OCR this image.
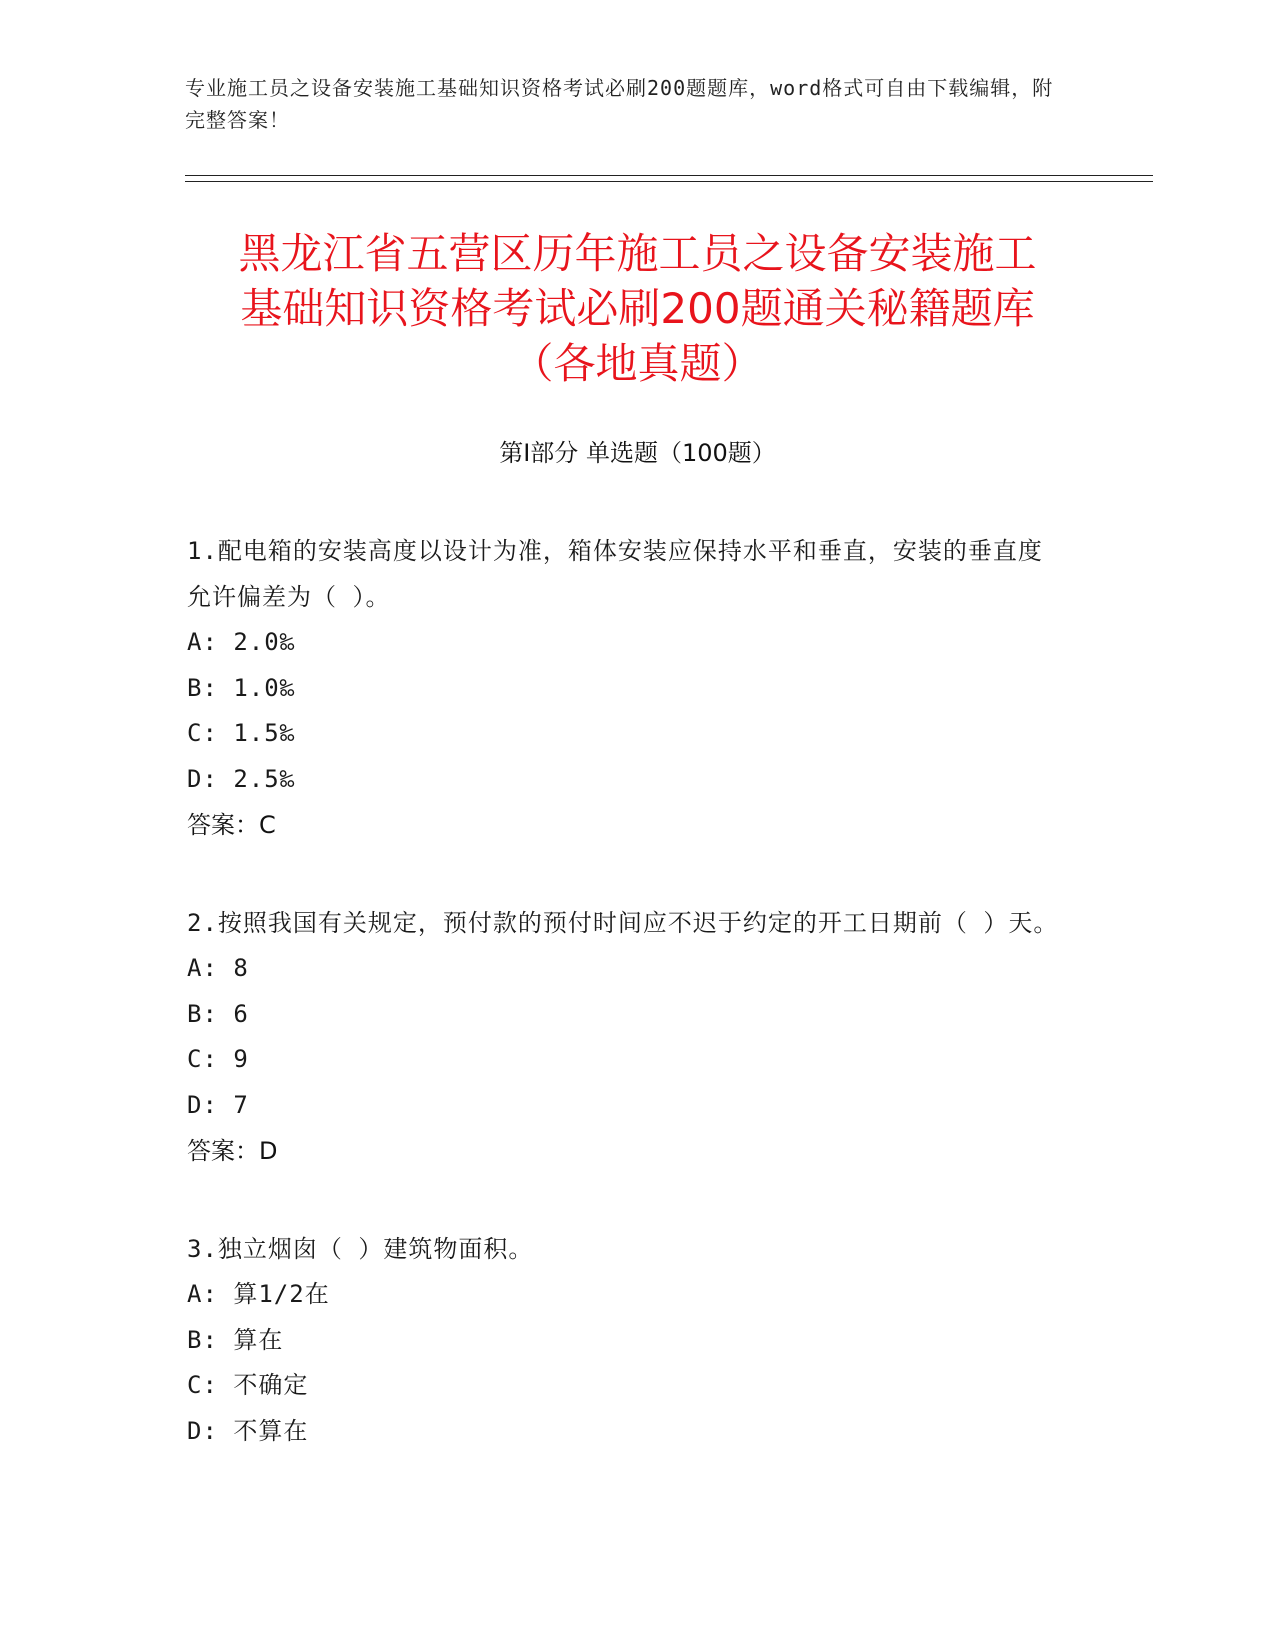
专业施工员之设备安装施工基础知识资格考试必刷200题题库，word格式可自由下载编辑，附完整答案！
黑龙江省五营区历年施工员之设备安装施工
基础知识资格考试必刷200题通关秘籍题库
（各地真题）
第Ⅰ部分 单选题（100题）

1.配电箱的安装高度以设计为准，箱体安装应保持水平和垂直，安装的垂直度允许偏差为（ ）。

A: 2.0‰
B: 1.0‰
C: 1.5‰
D: 2.5‰
答案：C

2.按照我国有关规定，预付款的预付时间应不迟于约定的开工日期前（ ）天。

A: 8
B: 6
C: 9
D: 7
答案：D

3.独立烟囱（ ）建筑物面积。

A: 算1/2在
B: 算在
C: 不确定
D: 不算在
